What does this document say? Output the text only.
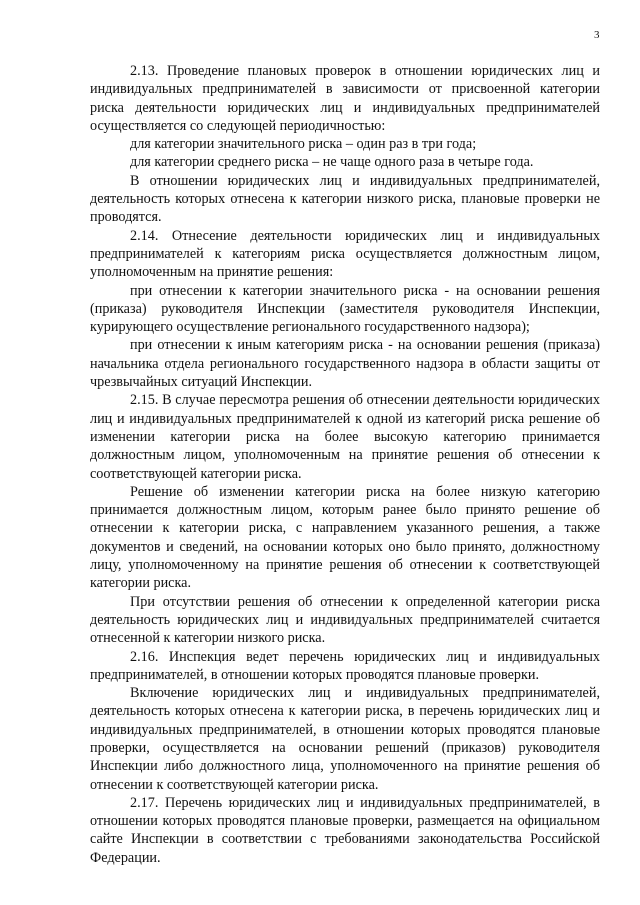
3

2.13. Проведение плановых проверок в отношении юридических лиц и индивидуальных предпринимателей в зависимости от присвоенной категории риска деятельности юридических лиц и индивидуальных предпринимателей осуществляется со следующей периодичностью:

для категории значительного риска – один раз в три года;

для категории среднего риска – не чаще одного раза в четыре года.

В отношении юридических лиц и индивидуальных предпринимателей, деятельность которых отнесена к категории низкого риска, плановые проверки не проводятся.

2.14. Отнесение деятельности юридических лиц и индивидуальных предпринимателей к категориям риска осуществляется должностным лицом, уполномоченным на принятие решения:

при отнесении к категории значительного риска - на основании решения (приказа) руководителя Инспекции (заместителя руководителя Инспекции, курирующего осуществление регионального государственного надзора);

при отнесении к иным категориям риска - на основании решения (приказа) начальника отдела регионального государственного надзора в области защиты от чрезвычайных ситуаций Инспекции.

2.15. В случае пересмотра решения об отнесении деятельности юридических лиц и индивидуальных предпринимателей к одной из категорий риска решение об изменении категории риска на более высокую категорию принимается должностным лицом, уполномоченным на принятие решения об отнесении к соответствующей категории риска.

Решение об изменении категории риска на более низкую категорию принимается должностным лицом, которым ранее было принято решение об отнесении к категории риска, с направлением указанного решения, а также документов и сведений, на основании которых оно было принято, должностному лицу, уполномоченному на принятие решения об отнесении к соответствующей категории риска.

При отсутствии решения об отнесении к определенной категории риска деятельность юридических лиц и индивидуальных предпринимателей считается отнесенной к категории низкого риска.

2.16. Инспекция ведет перечень юридических лиц и индивидуальных предпринимателей, в отношении которых проводятся плановые проверки.

Включение юридических лиц и индивидуальных предпринимателей, деятельность которых отнесена к категории риска, в перечень юридических лиц и индивидуальных предпринимателей, в отношении которых проводятся плановые проверки, осуществляется на основании решений (приказов) руководителя Инспекции либо должностного лица, уполномоченного на принятие решения об отнесении к соответствующей категории риска.

2.17. Перечень юридических лиц и индивидуальных предпринимателей, в отношении которых проводятся плановые проверки, размещается на официальном сайте Инспекции в соответствии с требованиями законодательства Российской Федерации.
